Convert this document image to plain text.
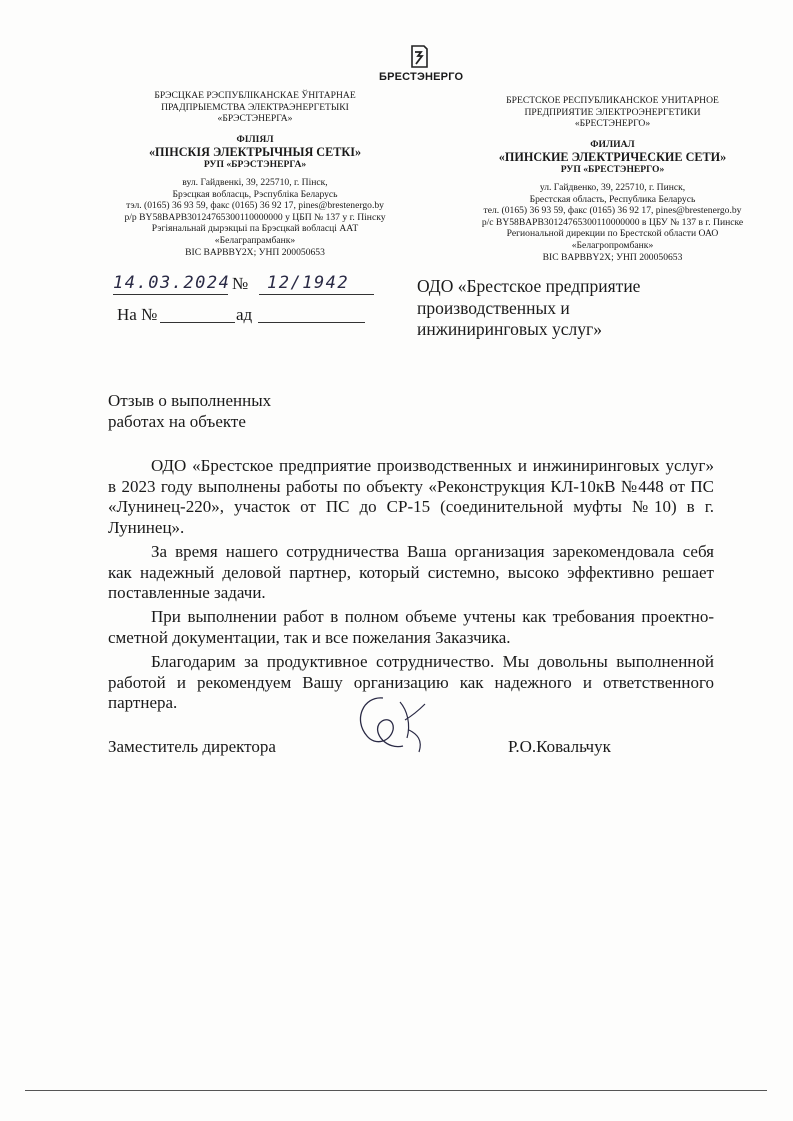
БРЕСТЭНЕРГО
БРЭСЦКАЕ РЭСПУБЛІКАНСКАЕ ЎНІТАРНАЕ
ПРАДПРЫЕМСТВА ЭЛЕКТРАЭНЕРГЕТЫКІ
«БРЭСТЭНЕРГА»
ФІЛІЯЛ
«ПІНСКІЯ ЭЛЕКТРЫЧНЫЯ СЕТКІ»
РУП «БРЭСТЭНЕРГА»
вул. Гайдвенкі, 39, 225710, г. Пінск,
Брэсцкая вобласць, Рэспубліка Беларусь
тэл. (0165) 36 93 59, факс (0165) 36 92 17, pines@brestenergo.by
р/р BY58BAPB30124765300110000000 у ЦБП № 137 у г. Пінску
Рэгіянальнай дырэкцыі па Брэсцкай вобласці ААТ «Белаграпрамбанк»
BIC BAPBBY2X; УНП 200050653
БРЕСТСКОЕ РЕСПУБЛИКАНСКОЕ УНИТАРНОЕ
ПРЕДПРИЯТИЕ ЭЛЕКТРОЭНЕРГЕТИКИ
«БРЕСТЭНЕРГО»
ФИЛИАЛ
«ПИНСКИЕ ЭЛЕКТРИЧЕСКИЕ СЕТИ»
РУП «БРЕСТЭНЕРГО»
ул. Гайдвенко, 39, 225710, г. Пинск,
Брестская область, Республика Беларусь
тел. (0165) 36 93 59, факс (0165) 36 92 17, pines@brestenergo.by
р/с BY58BAPB30124765300110000000 в ЦБУ № 137 в г. Пинске
Региональной дирекции по Брестской области ОАО «Белагропромбанк»
BIC BAPBBY2X; УНП 200050653
14.03.2024 №	12/1942
На №	ад
ОДО «Брестское предприятие
производственных и
инжиниринговых услуг»
Отзыв о выполненных
работах на объекте
ОДО «Брестское предприятие производственных и инжиниринговых услуг» в 2023 году выполнены работы по объекту «Реконструкция КЛ-10кВ №448 от ПС «Лунинец-220», участок от ПС до СР-15 (соединительной муфты №10) в г. Лунинец».
За время нашего сотрудничества Ваша организация зарекомендовала себя как надежный деловой партнер, который системно, высоко эффективно решает поставленные задачи.
При выполнении работ в полном объеме учтены как требования проектно-сметной документации, так и все пожелания Заказчика.
Благодарим за продуктивное сотрудничество. Мы довольны выполненной работой и рекомендуем Вашу организацию как надежного и ответственного партнера.
Заместитель директора	Р.О.Ковальчук
